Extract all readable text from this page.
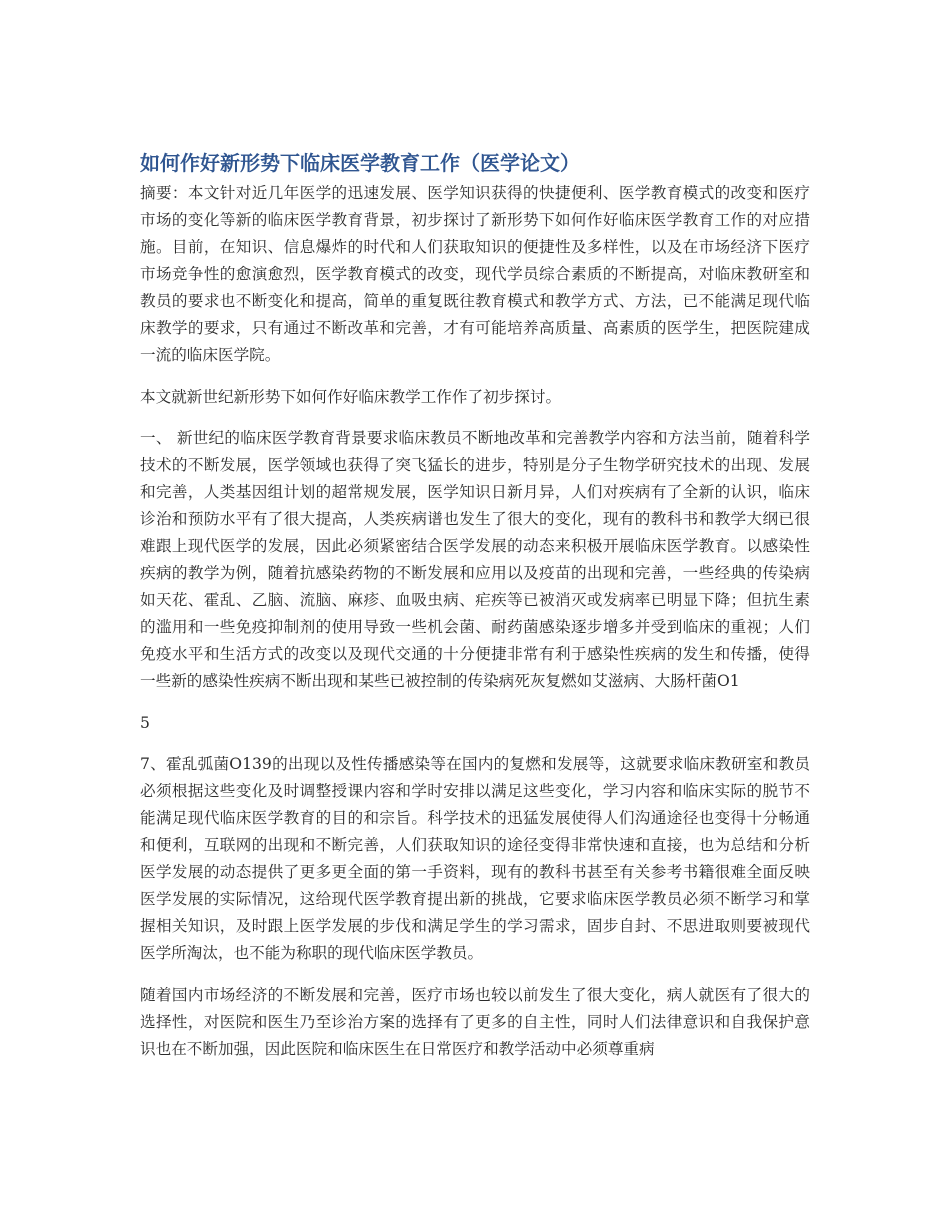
如何作好新形势下临床医学教育工作（医学论文）

摘要：本文针对近几年医学的迅速发展、医学知识获得的快捷便利、医学教育模式的改变和医疗市场的变化等新的临床医学教育背景，初步探讨了新形势下如何作好临床医学教育工作的对应措施。目前，在知识、信息爆炸的时代和人们获取知识的便捷性及多样性，以及在市场经济下医疗市场竞争性的愈演愈烈，医学教育模式的改变，现代学员综合素质的不断提高，对临床教研室和教员的要求也不断变化和提高，简单的重复既往教育模式和教学方式、方法，已不能满足现代临床教学的要求，只有通过不断改革和完善，才有可能培养高质量、高素质的医学生，把医院建成一流的临床医学院。

本文就新世纪新形势下如何作好临床教学工作作了初步探讨。

一、 新世纪的临床医学教育背景要求临床教员不断地改革和完善教学内容和方法当前，随着科学技术的不断发展，医学领域也获得了突飞猛长的进步，特别是分子生物学研究技术的出现、发展和完善，人类基因组计划的超常规发展，医学知识日新月异，人们对疾病有了全新的认识，临床诊治和预防水平有了很大提高，人类疾病谱也发生了很大的变化，现有的教科书和教学大纲已很难跟上现代医学的发展，因此必须紧密结合医学发展的动态来积极开展临床医学教育。以感染性疾病的教学为例，随着抗感染药物的不断发展和应用以及疫苗的出现和完善，一些经典的传染病如天花、霍乱、乙脑、流脑、麻疹、血吸虫病、疟疾等已被消灭或发病率已明显下降；但抗生素的滥用和一些免疫抑制剂的使用导致一些机会菌、耐药菌感染逐步增多并受到临床的重视；人们免疫水平和生活方式的改变以及现代交通的十分便捷非常有利于感染性疾病的发生和传播，使得一些新的感染性疾病不断出现和某些已被控制的传染病死灰复燃如艾滋病、大肠杆菌O1

5

7、霍乱弧菌O139的出现以及性传播感染等在国内的复燃和发展等，这就要求临床教研室和教员必须根据这些变化及时调整授课内容和学时安排以满足这些变化，学习内容和临床实际的脱节不能满足现代临床医学教育的目的和宗旨。科学技术的迅猛发展使得人们沟通途径也变得十分畅通和便利，互联网的出现和不断完善，人们获取知识的途径变得非常快速和直接，也为总结和分析医学发展的动态提供了更多更全面的第一手资料，现有的教科书甚至有关参考书籍很难全面反映医学发展的实际情况，这给现代医学教育提出新的挑战，它要求临床医学教员必须不断学习和掌握相关知识，及时跟上医学发展的步伐和满足学生的学习需求，固步自封、不思进取则要被现代医学所淘汰，也不能为称职的现代临床医学教员。

随着国内市场经济的不断发展和完善，医疗市场也较以前发生了很大变化，病人就医有了很大的选择性，对医院和医生乃至诊治方案的选择有了更多的自主性，同时人们法律意识和自我保护意识也在不断加强，因此医院和临床医生在日常医疗和教学活动中必须尊重病
